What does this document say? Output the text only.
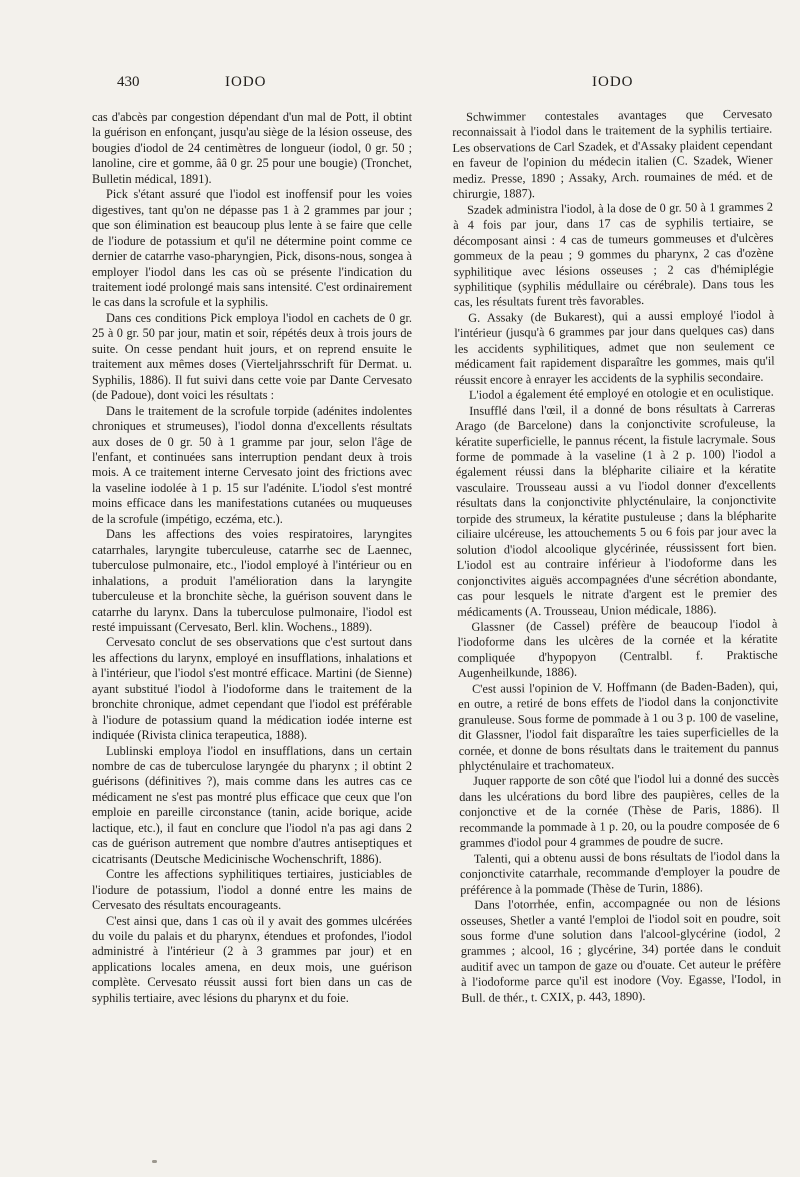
430	IODO	IODO

cas d'abcès par congestion dépendant d'un mal de Pott, il obtint la guérison en enfonçant, jusqu'au siège de la lésion osseuse, des bougies d'iodol de 24 centimètres de longueur (iodol, 0 gr. 50 ; lanoline, cire et gomme, ââ 0 gr. 25 pour une bougie) (Tronchet, Bulletin médical, 1891).

Pick s'étant assuré que l'iodol est inoffensif pour les voies digestives, tant qu'on ne dépasse pas 1 à 2 grammes par jour ; que son élimination est beaucoup plus lente à se faire que celle de l'iodure de potassium et qu'il ne détermine point comme ce dernier de catarrhe vaso-pharyngien, Pick, disons-nous, songea à employer l'iodol dans les cas où se présente l'indication du traitement iodé prolongé mais sans intensité. C'est ordinairement le cas dans la scrofule et la syphilis.

Dans ces conditions Pick employa l'iodol en cachets de 0 gr. 25 à 0 gr. 50 par jour, matin et soir, répétés deux à trois jours de suite. On cesse pendant huit jours, et on reprend ensuite le traitement aux mêmes doses (Vierteljahrsschrift für Dermat. u. Syphilis, 1886). Il fut suivi dans cette voie par Dante Cervesato (de Padoue), dont voici les résultats :

Dans le traitement de la scrofule torpide (adénites indolentes chroniques et strumeuses), l'iodol donna d'excellents résultats aux doses de 0 gr. 50 à 1 gramme par jour, selon l'âge de l'enfant, et continuées sans interruption pendant deux à trois mois. A ce traitement interne Cervesato joint des frictions avec la vaseline iodolée à 1 p. 15 sur l'adénite. L'iodol s'est montré moins efficace dans les manifestations cutanées ou muqueuses de la scrofule (impétigo, eczéma, etc.).

Dans les affections des voies respiratoires, laryngites catarrhales, laryngite tuberculeuse, catarrhe sec de Laennec, tuberculose pulmonaire, etc., l'iodol employé à l'intérieur ou en inhalations, a produit l'amélioration dans la laryngite tuberculeuse et la bronchite sèche, la guérison souvent dans le catarrhe du larynx. Dans la tuberculose pulmonaire, l'iodol est resté impuissant (Cervesato, Berl. klin. Wochens., 1889).

Cervesato conclut de ses observations que c'est surtout dans les affections du larynx, employé en insufflations, inhalations et à l'intérieur, que l'iodol s'est montré efficace. Martini (de Sienne) ayant substitué l'iodol à l'iodoforme dans le traitement de la bronchite chronique, admet cependant que l'iodol est préférable à l'iodure de potassium quand la médication iodée interne est indiquée (Rivista clinica terapeutica, 1888).

Lublinski employa l'iodol en insufflations, dans un certain nombre de cas de tuberculose laryngée du pharynx ; il obtint 2 guérisons (définitives ?), mais comme dans les autres cas ce médicament ne s'est pas montré plus efficace que ceux que l'on emploie en pareille circonstance (tanin, acide borique, acide lactique, etc.), il faut en conclure que l'iodol n'a pas agi dans 2 cas de guérison autrement que nombre d'autres antiseptiques et cicatrisants (Deutsche Medicinische Wochenschrift, 1886).

Contre les affections syphilitiques tertiaires, justiciables de l'iodure de potassium, l'iodol a donné entre les mains de Cervesato des résultats encourageants.

C'est ainsi que, dans 1 cas où il y avait des gommes ulcérées du voile du palais et du pharynx, étendues et profondes, l'iodol administré à l'intérieur (2 à 3 grammes par jour) et en applications locales amena, en deux mois, une guérison complète. Cervesato réussit aussi fort bien dans un cas de syphilis tertiaire, avec lésions du pharynx et du foie.

Schwimmer contestales avantages que Cervesato reconnaissait à l'iodol dans le traitement de la syphilis tertiaire. Les observations de Carl Szadek, et d'Assaky plaident cependant en faveur de l'opinion du médecin italien (C. Szadek, Wiener mediz. Presse, 1890 ; Assaky, Arch. roumaines de méd. et de chirurgie, 1887).

Szadek administra l'iodol, à la dose de 0 gr. 50 à 1 grammes 2 à 4 fois par jour, dans 17 cas de syphilis tertiaire, se décomposant ainsi : 4 cas de tumeurs gommeuses et d'ulcères gommeux de la peau ; 9 gommes du pharynx, 2 cas d'ozène syphilitique avec lésions osseuses ; 2 cas d'hémiplégie syphilitique (syphilis médullaire ou cérébrale). Dans tous les cas, les résultats furent très favorables.

G. Assaky (de Bukarest), qui a aussi employé l'iodol à l'intérieur (jusqu'à 6 grammes par jour dans quelques cas) dans les accidents syphilitiques, admet que non seulement ce médicament fait rapidement disparaître les gommes, mais qu'il réussit encore à enrayer les accidents de la syphilis secondaire.

L'iodol a également été employé en otologie et en oculistique.

Insufflé dans l'œil, il a donné de bons résultats à Carreras Arago (de Barcelone) dans la conjonctivite scrofuleuse, la kératite superficielle, le pannus récent, la fistule lacrymale. Sous forme de pommade à la vaseline (1 à 2 p. 100) l'iodol a également réussi dans la blépharite ciliaire et la kératite vasculaire. Trousseau aussi a vu l'iodol donner d'excellents résultats dans la conjonctivite phlycténulaire, la conjonctivite torpide des strumeux, la kératite pustuleuse ; dans la blépharite ciliaire ulcéreuse, les attouchements 5 ou 6 fois par jour avec la solution d'iodol alcoolique glycérinée, réussissent fort bien. L'iodol est au contraire inférieur à l'iodoforme dans les conjonctivites aiguës accompagnées d'une sécrétion abondante, cas pour lesquels le nitrate d'argent est le premier des médicaments (A. Trousseau, Union médicale, 1886).

Glassner (de Cassel) préfère de beaucoup l'iodol à l'iodoforme dans les ulcères de la cornée et la kératite compliquée d'hypopyon (Centralbl. f. Praktische Augenheilkunde, 1886).

C'est aussi l'opinion de V. Hoffmann (de Baden-Baden), qui, en outre, a retiré de bons effets de l'iodol dans la conjonctivite granuleuse. Sous forme de pommade à 1 ou 3 p. 100 de vaseline, dit Glassner, l'iodol fait disparaître les taies superficielles de la cornée, et donne de bons résultats dans le traitement du pannus phlycténulaire et trachomateux.

Juquer rapporte de son côté que l'iodol lui a donné des succès dans les ulcérations du bord libre des paupières, celles de la conjonctive et de la cornée (Thèse de Paris, 1886). Il recommande la pommade à 1 p. 20, ou la poudre composée de 6 grammes d'iodol pour 4 grammes de poudre de sucre.

Talenti, qui a obtenu aussi de bons résultats de l'iodol dans la conjonctivite catarrhale, recommande d'employer la poudre de préférence à la pommade (Thèse de Turin, 1886).

Dans l'otorrhée, enfin, accompagnée ou non de lésions osseuses, Shetler a vanté l'emploi de l'iodol soit en poudre, soit sous forme d'une solution dans l'alcool-glycérine (iodol, 2 grammes ; alcool, 16 ; glycérine, 34) portée dans le conduit auditif avec un tampon de gaze ou d'ouate. Cet auteur le préfère à l'iodoforme parce qu'il est inodore (Voy. Egasse, l'Iodol, in Bull. de thér., t. CXIX, p. 443, 1890).
